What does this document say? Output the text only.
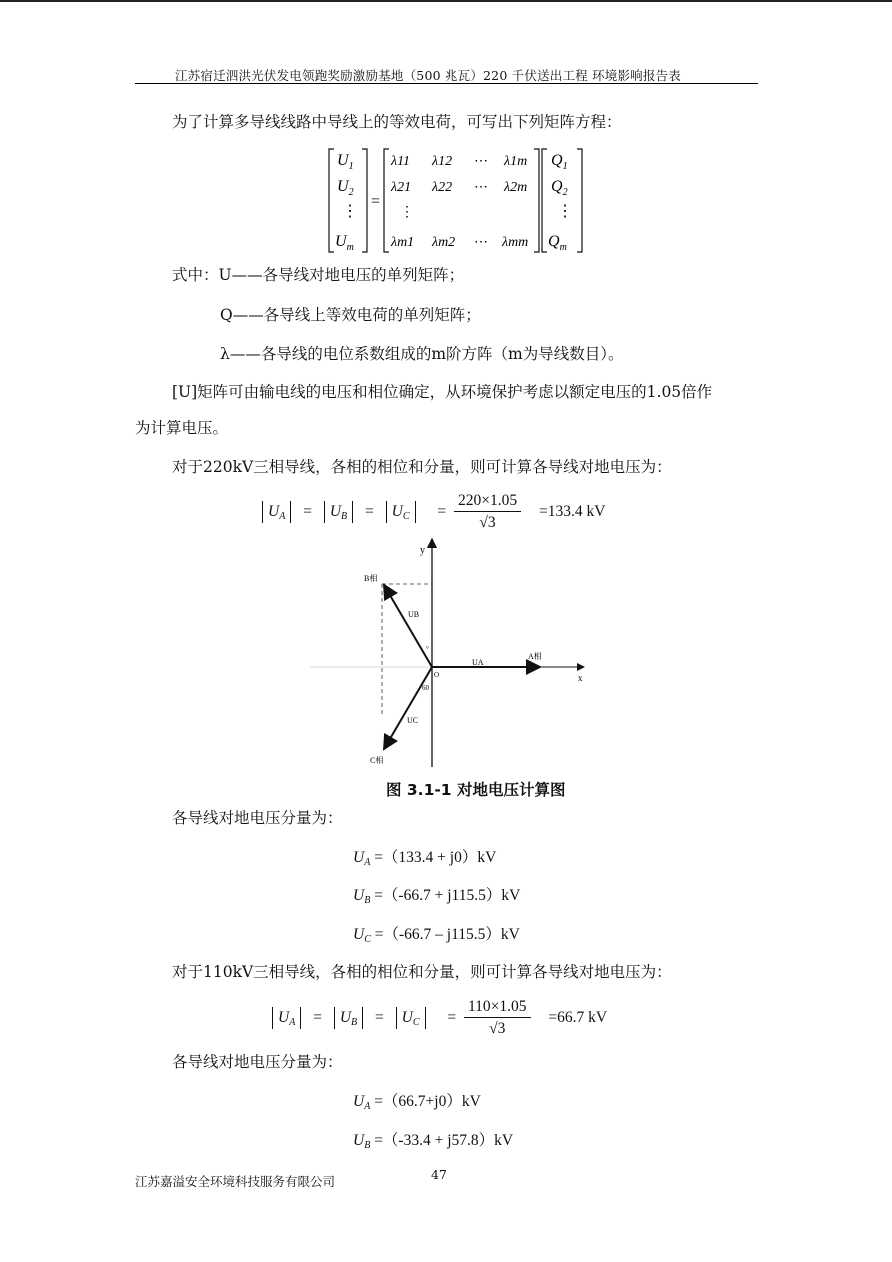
江苏宿迁泗洪光伏发电领跑奖励激励基地（500 兆瓦）220 千伏送出工程 环境影响报告表
为了计算多导线线路中导线上的等效电荷，可写出下列矩阵方程：
$U_1$
$U_2$
⋮
$U_m$
=
λ11 λ12 ⋯ λ1m
λ21 λ22 ⋯ λ2m
⋮
λm1 λm2 ⋯ λmm
$Q_1$
$Q_2$
⋮
$Q_m$
式中：U——各导线对地电压的单列矩阵；
Q——各导线上等效电荷的单列矩阵；
λ——各导线的电位系数组成的m阶方阵（m为导线数目）。
[U]矩阵可由输电线的电压和相位确定，从环境保护考虑以额定电压的1.05倍作
为计算电压。
对于220kV三相导线，各相的相位和分量，则可计算各导线对地电压为：
$U_A = U_B = U_C = \frac{220\times 1.05}{√3} =133.4$ kV
y
x
B相
A相
C相
UB
UA
UC
O
°
60
图 3.1-1 对地电压计算图
各导线对地电压分量为：
$U_A =(133.4 + j0)kV$
$U_B =(-66.7 + j115.5)kV$
$U_C =(-66.7 - j115.5)kV$
对于110kV三相导线，各相的相位和分量，则可计算各导线对地电压为：
$U_A = U_B = U_C = \frac{110\times 1.05}{√3} =66.7$ kV
各导线对地电压分量为：
$U_A =(66.7+j0)kV$
$U_B =(-33.4 + j57.8)kV$
江苏嘉溢安全环境科技服务有限公司	47
